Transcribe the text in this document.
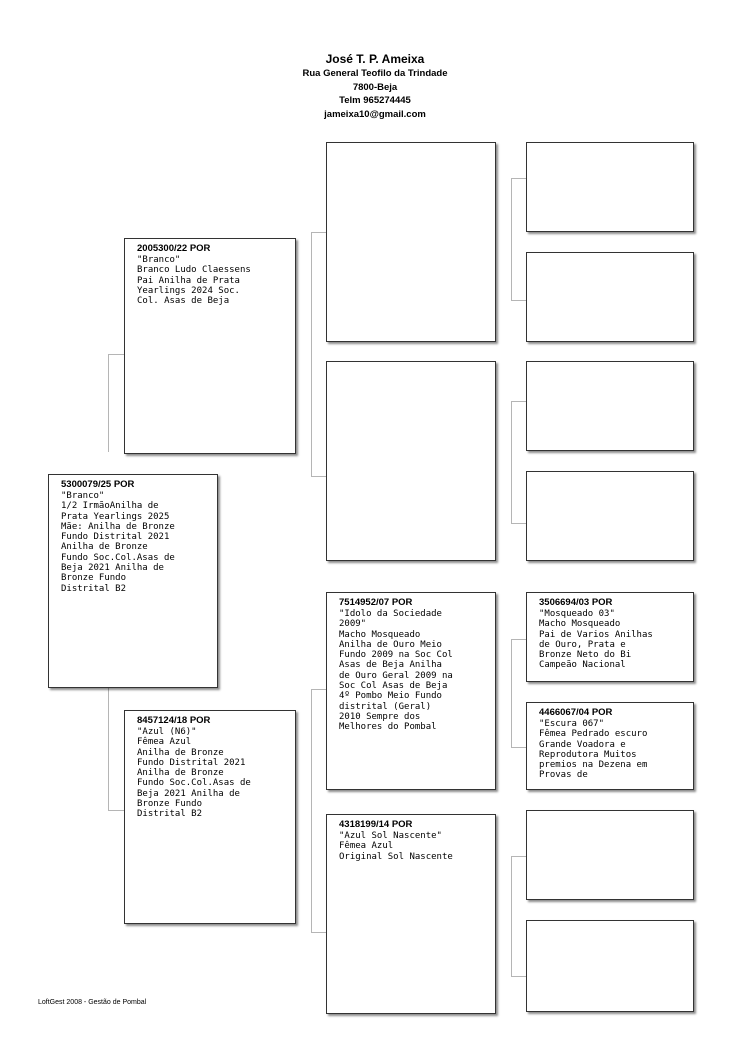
José T. P. Ameixa
Rua General Teofilo da Trindade
7800-Beja
Telm 965274445
jameixa10@gmail.com
5300079/25 POR
"Branco"
1/2 IrmãoAnilha de
Prata Yearlings 2025
Mãe: Anilha de Bronze
Fundo Distrital 2021
Anilha de Bronze
Fundo Soc.Col.Asas de
Beja 2021 Anilha de
Bronze Fundo
Distrital B2
2005300/22 POR
"Branco"
Branco Ludo Claessens
Pai Anilha de Prata
Yearlings 2024 Soc.
Col. Asas de Beja
8457124/18 POR
"Azul (N6)"
Fêmea Azul
Anilha de Bronze
Fundo Distrital 2021
Anilha de Bronze
Fundo Soc.Col.Asas de
Beja 2021 Anilha de
Bronze Fundo
Distrital B2
7514952/07 POR
"Idolo da Sociedade
2009"
Macho Mosqueado
Anilha de Ouro Meio
Fundo 2009 na Soc Col
Asas de Beja Anilha
de Ouro Geral 2009 na
Soc Col Asas de Beja
4º Pombo Meio Fundo
distrital (Geral)
2010 Sempre dos
Melhores do Pombal
4318199/14 POR
"Azul Sol Nascente"
Fêmea Azul
Original Sol Nascente
3506694/03 POR
"Mosqueado 03"
Macho Mosqueado
Pai de Varios Anilhas
de Ouro, Prata e
Bronze Neto do Bi
Campeão Nacional
4466067/04 POR
"Escura 067"
Fêmea Pedrado escuro
Grande Voadora e
Reprodutora Muitos
premios na Dezena em
Provas de
LoftGest 2008 - Gestão de Pombal
